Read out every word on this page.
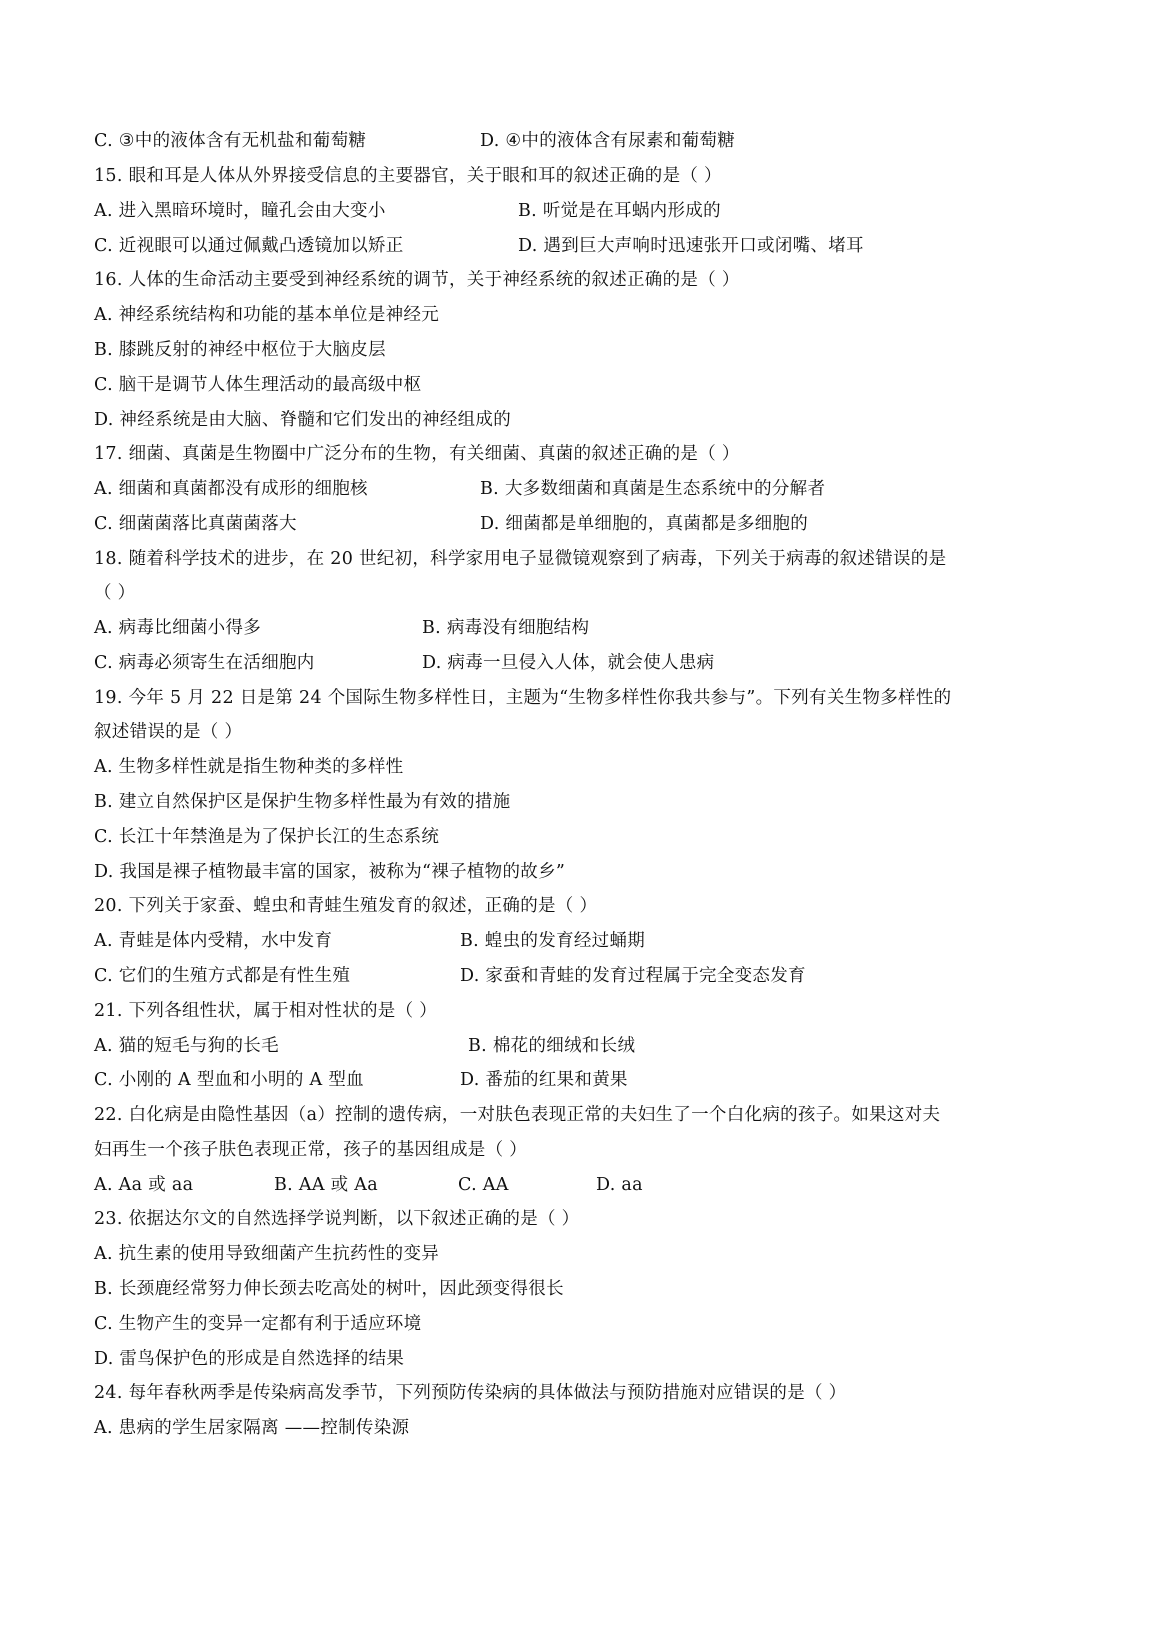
C. ③中的液体含有无机盐和葡萄糖	D. ④中的液体含有尿素和葡萄糖
15. 眼和耳是人体从外界接受信息的主要器官，关于眼和耳的叙述正确的是（ ）
A. 进入黑暗环境时，瞳孔会由大变小	B. 听觉是在耳蜗内形成的
C. 近视眼可以通过佩戴凸透镜加以矫正	D. 遇到巨大声响时迅速张开口或闭嘴、堵耳
16. 人体的生命活动主要受到神经系统的调节，关于神经系统的叙述正确的是（ ）
A. 神经系统结构和功能的基本单位是神经元
B. 膝跳反射的神经中枢位于大脑皮层
C. 脑干是调节人体生理活动的最高级中枢
D. 神经系统是由大脑、脊髓和它们发出的神经组成的
17. 细菌、真菌是生物圈中广泛分布的生物，有关细菌、真菌的叙述正确的是（ ）
A. 细菌和真菌都没有成形的细胞核	B. 大多数细菌和真菌是生态系统中的分解者
C. 细菌菌落比真菌菌落大	D. 细菌都是单细胞的，真菌都是多细胞的
18. 随着科学技术的进步，在 20 世纪初，科学家用电子显微镜观察到了病毒，下列关于病毒的叙述错误的是
（ ）
A. 病毒比细菌小得多	B. 病毒没有细胞结构
C. 病毒必须寄生在活细胞内	D. 病毒一旦侵入人体，就会使人患病
19. 今年 5 月 22 日是第 24 个国际生物多样性日，主题为“生物多样性你我共参与”。下列有关生物多样性的
叙述错误的是（ ）
A. 生物多样性就是指生物种类的多样性
B. 建立自然保护区是保护生物多样性最为有效的措施
C. 长江十年禁渔是为了保护长江的生态系统
D. 我国是裸子植物最丰富的国家，被称为“裸子植物的故乡”
20. 下列关于家蚕、蝗虫和青蛙生殖发育的叙述，正确的是（ ）
A. 青蛙是体内受精，水中发育	B. 蝗虫的发育经过蛹期
C. 它们的生殖方式都是有性生殖	D. 家蚕和青蛙的发育过程属于完全变态发育
21. 下列各组性状，属于相对性状的是（ ）
A. 猫的短毛与狗的长毛	B. 棉花的细绒和长绒
C. 小刚的 A 型血和小明的 A 型血	D. 番茄的红果和黄果
22. 白化病是由隐性基因（a）控制的遗传病，一对肤色表现正常的夫妇生了一个白化病的孩子。如果这对夫
妇再生一个孩子肤色表现正常，孩子的基因组成是（ ）
A. Aa 或 aa	B. AA 或 Aa	C. AA	D. aa
23. 依据达尔文的自然选择学说判断，以下叙述正确的是（ ）
A. 抗生素的使用导致细菌产生抗药性的变异
B. 长颈鹿经常努力伸长颈去吃高处的树叶，因此颈变得很长
C. 生物产生的变异一定都有利于适应环境
D. 雷鸟保护色的形成是自然选择的结果
24. 每年春秋两季是传染病高发季节，下列预防传染病的具体做法与预防措施对应错误的是（ ）
A. 患病的学生居家隔离 ——控制传染源
